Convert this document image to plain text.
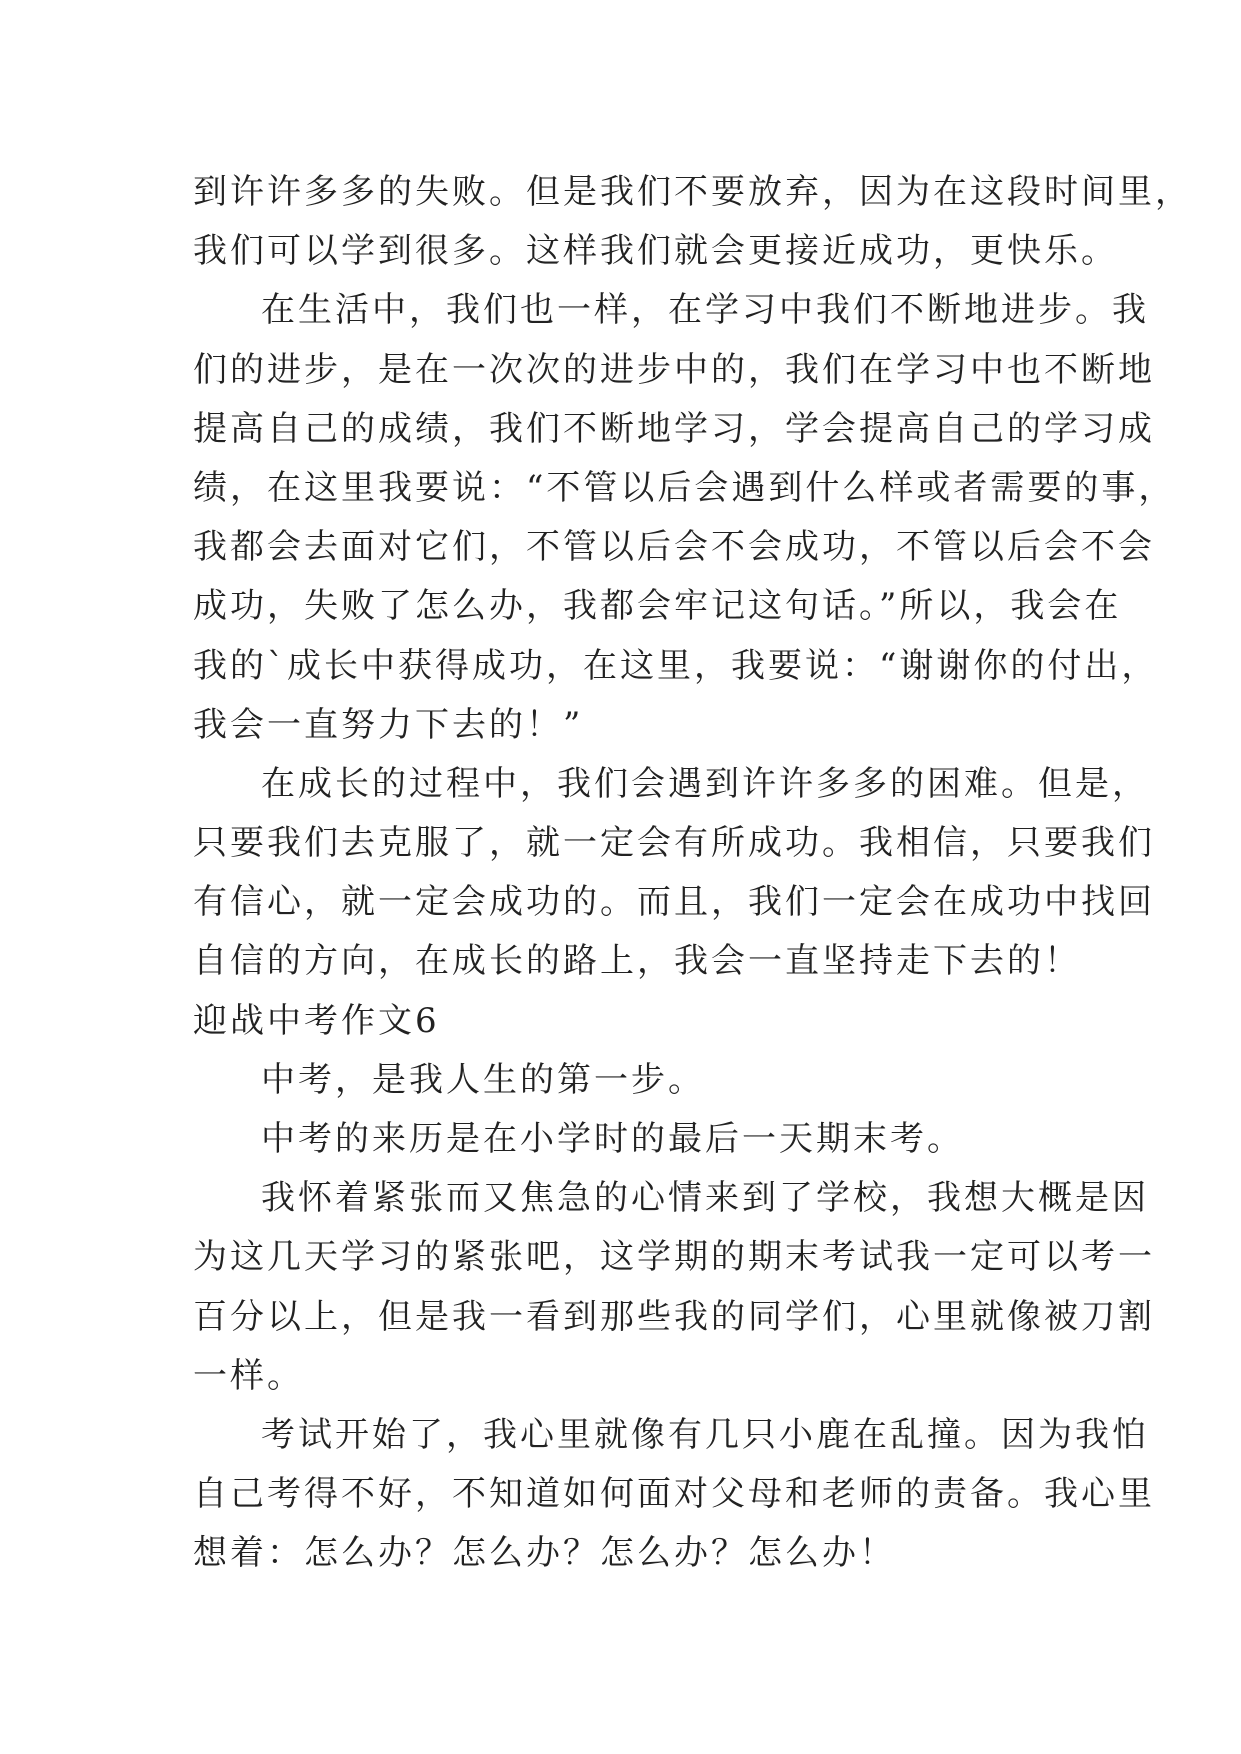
到许许多多的失败。但是我们不要放弃，因为在这段时间里，
我们可以学到很多。这样我们就会更接近成功，更快乐。
在生活中，我们也一样，在学习中我们不断地进步。我
们的进步，是在一次次的进步中的，我们在学习中也不断地
提高自己的成绩，我们不断地学习，学会提高自己的学习成
绩，在这里我要说：“不管以后会遇到什么样或者需要的事，
我都会去面对它们，不管以后会不会成功，不管以后会不会
成功，失败了怎么办，我都会牢记这句话。”所以，我会在
我的`成长中获得成功，在这里，我要说：“谢谢你的付出，
我会一直努力下去的！”
在成长的过程中，我们会遇到许许多多的困难。但是，
只要我们去克服了，就一定会有所成功。我相信，只要我们
有信心，就一定会成功的。而且，我们一定会在成功中找回
自信的方向，在成长的路上，我会一直坚持走下去的！
迎战中考作文6
中考，是我人生的第一步。
中考的来历是在小学时的最后一天期末考。
我怀着紧张而又焦急的心情来到了学校，我想大概是因
为这几天学习的紧张吧，这学期的期末考试我一定可以考一
百分以上，但是我一看到那些我的同学们，心里就像被刀割
一样。
考试开始了，我心里就像有几只小鹿在乱撞。因为我怕
自己考得不好，不知道如何面对父母和老师的责备。我心里
想着：怎么办？怎么办？怎么办？怎么办！
